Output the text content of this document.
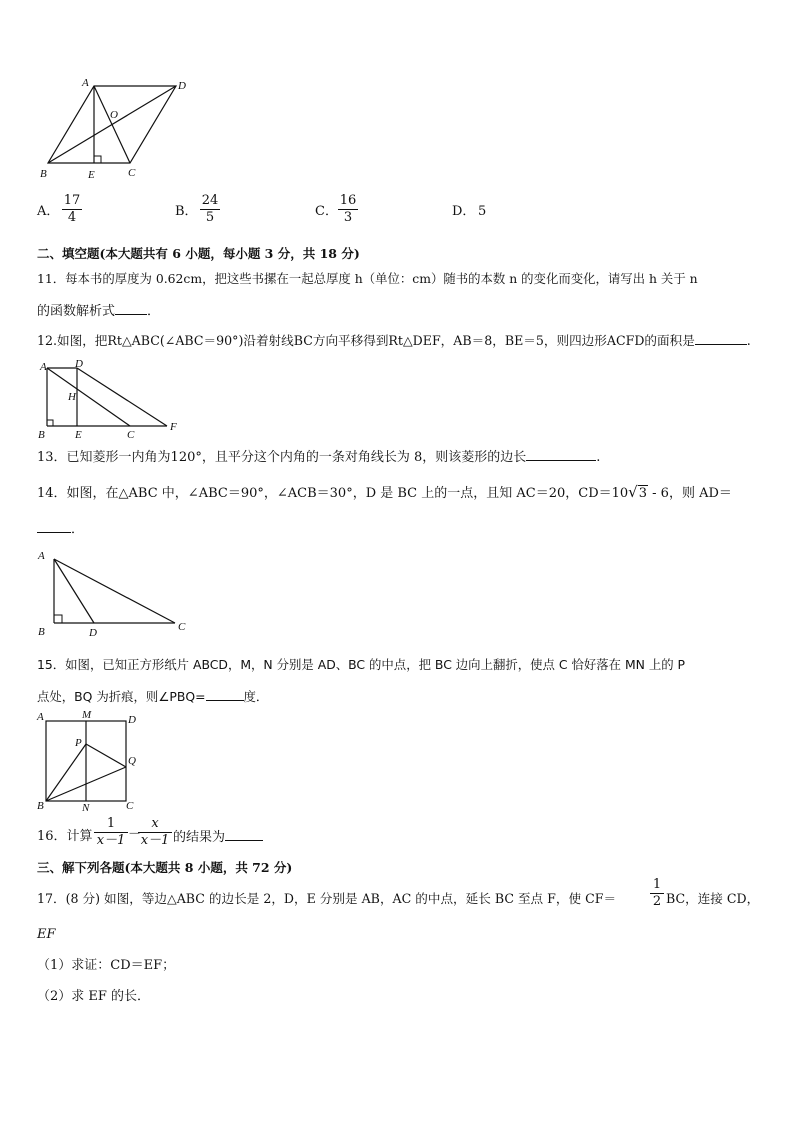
A	D
O
B	E	C
A．
17
4	B．
24
5	C．
16
3	D． 5
二、填空题(本大题共有 6 小题，每小题 3 分，共 18 分)
11．每本书的厚度为 0.62cm，把这些书摞在一起总厚度 h（单位：cm）随书的本数 n 的变化而变化，请写出 h 关于 n
的函数解析式 ．
12.如图，把Rt△ABC(∠ABC＝90°)沿着射线BC方向平移得到Rt△DEF，AB＝8，BE＝5，则四边形ACFD的面积是	.
A	D
H
B	E	C
F
13．已知菱形一内角为120°，且平分这个内角的一条对角线长为 8，则该菱形的边长	.
14．如图，在△ABC 中，∠ABC＝90°，∠ACB＝30°，D 是 BC 上的一点，且知 AC＝20，CD＝10√3 - 6，则 AD＝
．
A
B	D	C
15．如图，已知正方形纸片 ABCD，M，N 分别是 AD、BC 的中点，把 BC 边向上翻折，使点 C 恰好落在 MN 上的 P
点处，BQ 为折痕，则∠PBQ=	度．
A	M	D
P
Q
B	N	C
16．计算
1
x－1 －
x
x－1 的结果为
三、解下列各题(本大题共 8 小题，共 72 分)
17．(8 分) 如图，等边△ABC 的边长是 2，D，E 分别是 AB，AC 的中点，延长 BC 至点 F，使 CF＝
1
2 BC，连接 CD，
EF
（1）求证：CD＝EF；
（2）求 EF 的长．
